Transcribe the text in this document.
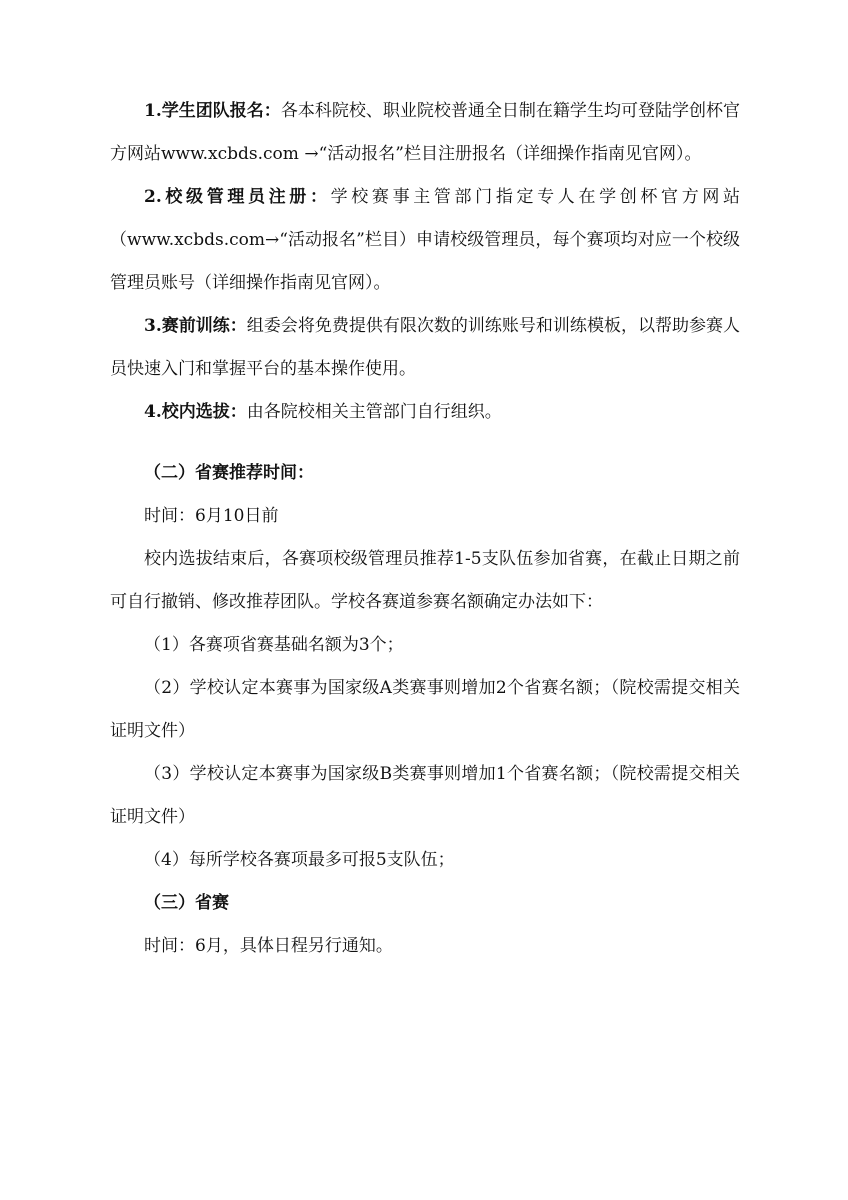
1.学生团队报名：各本科院校、职业院校普通全日制在籍学生均可登陆学创杯官方网站www.xcbds.com →“活动报名”栏目注册报名（详细操作指南见官网）。

2.校级管理员注册：学校赛事主管部门指定专人在学创杯官方网站（www.xcbds.com→“活动报名”栏目）申请校级管理员，每个赛项均对应一个校级管理员账号（详细操作指南见官网）。

3.赛前训练：组委会将免费提供有限次数的训练账号和训练模板，以帮助参赛人员快速入门和掌握平台的基本操作使用。

4.校内选拔：由各院校相关主管部门自行组织。

（二）省赛推荐时间：

时间：6月10日前

校内选拔结束后，各赛项校级管理员推荐1-5支队伍参加省赛，在截止日期之前可自行撤销、修改推荐团队。学校各赛道参赛名额确定办法如下：

（1）各赛项省赛基础名额为3个；

（2）学校认定本赛事为国家级A类赛事则增加2个省赛名额；（院校需提交相关证明文件）

（3）学校认定本赛事为国家级B类赛事则增加1个省赛名额；（院校需提交相关证明文件）

（4）每所学校各赛项最多可报5支队伍；

（三）省赛

时间：6月，具体日程另行通知。
